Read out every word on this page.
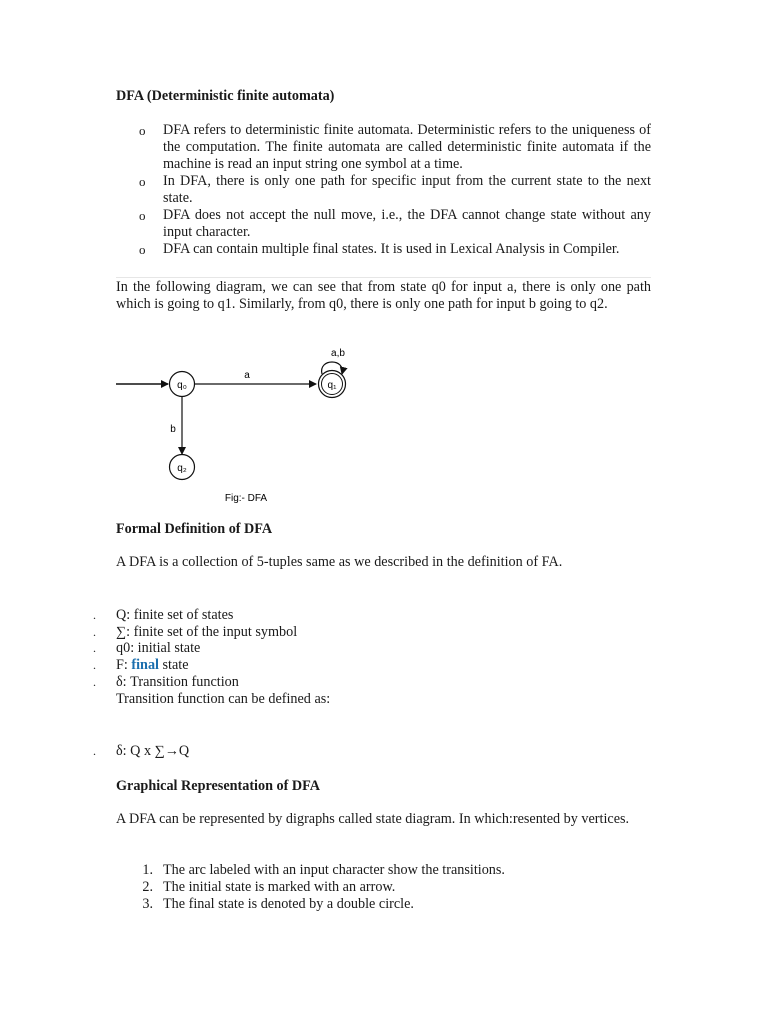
DFA (Deterministic finite automata)
o DFA refers to deterministic finite automata. Deterministic refers to the uniqueness of the computation. The finite automata are called deterministic finite automata if the machine is read an input string one symbol at a time.
o In DFA, there is only one path for specific input from the current state to the next state.
o DFA does not accept the null move, i.e., the DFA cannot change state without any input character.
o DFA can contain multiple final states. It is used in Lexical Analysis in Compiler.
In the following diagram, we can see that from state q0 for input a, there is only one path which is going to q1. Similarly, from q0, there is only one path for input b going to q2.
q₀
a
q₁
a,b
b
q₂
Fig:- DFA
Formal Definition of DFA
A DFA is a collection of 5-tuples same as we described in the definition of FA.
. Q: finite set of states
. ∑: finite set of the input symbol
. q0: initial state
. F: final state
. δ: Transition function
Transition function can be defined as:
. δ: Q x ∑→Q
Graphical Representation of DFA
A DFA can be represented by digraphs called state diagram. In which:resented by vertices.
1. The arc labeled with an input character show the transitions.
2. The initial state is marked with an arrow.
3. The final state is denoted by a double circle.
